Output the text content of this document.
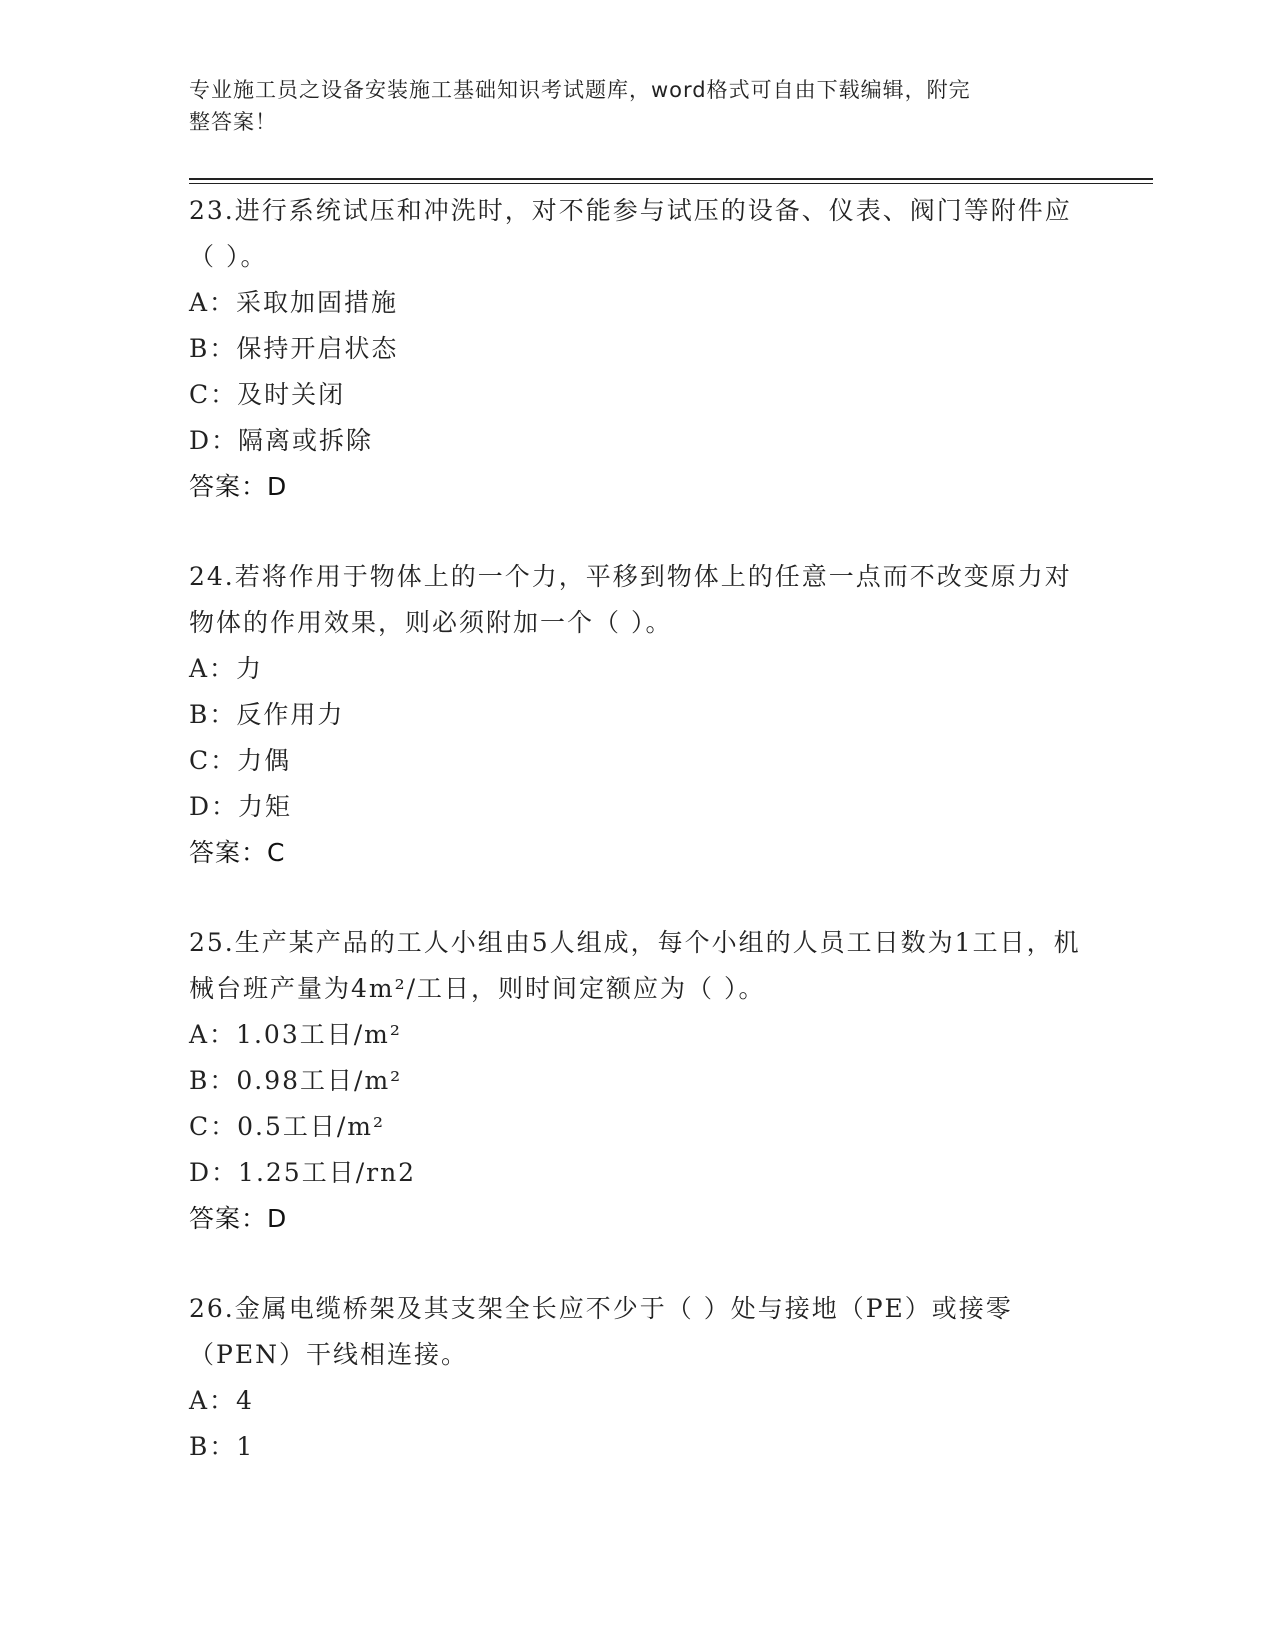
专业施工员之设备安装施工基础知识考试题库，word格式可自由下载编辑，附完
整答案！
23.进行系统试压和冲洗时，对不能参与试压的设备、仪表、阀门等附件应（ ）。
A：采取加固措施
B：保持开启状态
C：及时关闭
D：隔离或拆除
答案：D
24.若将作用于物体上的一个力，平移到物体上的任意一点而不改变原力对物体的作用效果，则必须附加一个（ ）。
A：力
B：反作用力
C：力偶
D：力矩
答案：C
25.生产某产品的工人小组由5人组成，每个小组的人员工日数为1工日，机械台班产量为4m²/工日，则时间定额应为（ ）。
A：1.03工日/m²
B：0.98工日/m²
C：0.5工日/m²
D：1.25工日/rn2
答案：D
26.金属电缆桥架及其支架全长应不少于（ ）处与接地（PE）或接零（PEN）干线相连接。
A：4
B：1
